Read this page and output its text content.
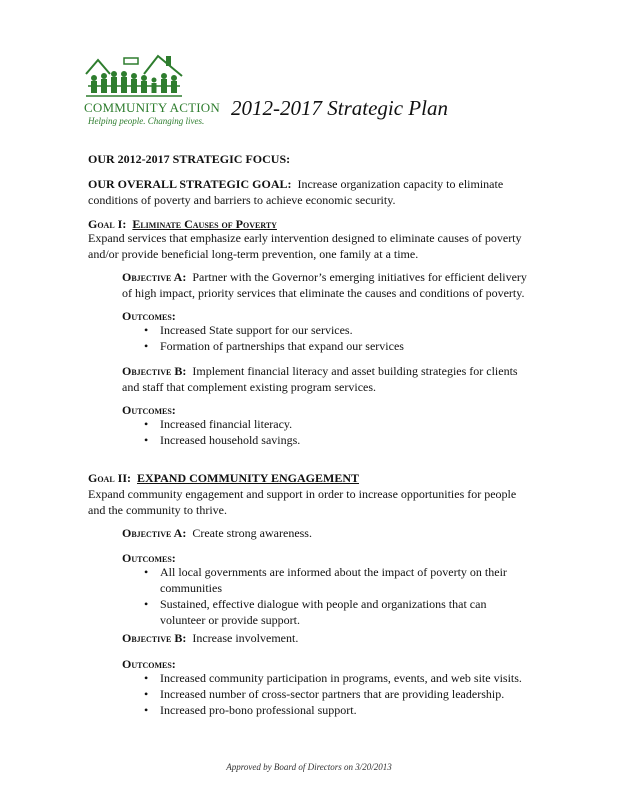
COMMUNITY ACTION
Helping people. Changing lives.
2012-2017 Strategic Plan
OUR 2012-2017 STRATEGIC FOCUS:
OUR OVERALL STRATEGIC GOAL: Increase organization capacity to eliminate conditions of poverty and barriers to achieve economic security.
Goal I: Eliminate Causes of Poverty
Expand services that emphasize early intervention designed to eliminate causes of poverty and/or provide beneficial long-term prevention, one family at a time.
Objective A: Partner with the Governor’s emerging initiatives for efficient delivery of high impact, priority services that eliminate the causes and conditions of poverty.
Outcomes:
• Increased State support for our services.
• Formation of partnerships that expand our services
Objective B: Implement financial literacy and asset building strategies for clients and staff that complement existing program services.
Outcomes:
• Increased financial literacy.
• Increased household savings.
Goal II: EXPAND COMMUNITY ENGAGEMENT
Expand community engagement and support in order to increase opportunities for people and the community to thrive.
Objective A: Create strong awareness.
Outcomes:
• All local governments are informed about the impact of poverty on their communities
• Sustained, effective dialogue with people and organizations that can volunteer or provide support.
Objective B: Increase involvement.
Outcomes:
• Increased community participation in programs, events, and web site visits.
• Increased number of cross-sector partners that are providing leadership.
• Increased pro-bono professional support.
Approved by Board of Directors on 3/20/2013
